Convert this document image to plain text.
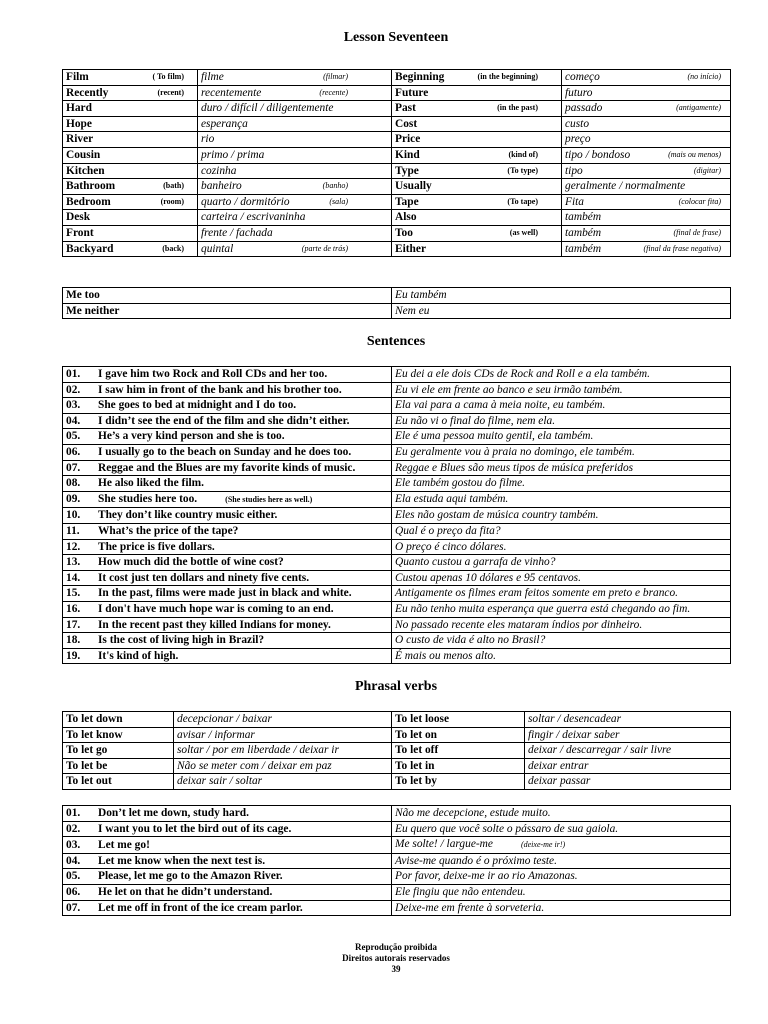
Lesson Seventeen
Film ( To film)	filme (filmar)	Beginning (in the beginning)	começo (no início)

Recently (recent)	recentemente (recente)	Future	futuro

Hard	duro / difícil / diligentemente	Past (in the past)	passado (antigamente)

Hope	esperança	Cost	custo

River	rio	Price	preço

Cousin	primo / prima	Kind (kind of)	tipo / bondoso (mais ou menos)

Kitchen	cozinha	Type (To type)	tipo (digitar)

Bathroom (bath)	banheiro (banho)	Usually	geralmente / normalmente

Bedroom (room)	quarto / dormitório (sala)	Tape (To tape)	Fita (colocar fita)

Desk	carteira / escrivaninha	Also	também

Front	frente / fachada	Too (as well)	também (final de frase)

Backyard (back)	quintal (parte de trás)	Either	também (final da frase negativa)
Me too	Eu também
Me neither	Nem eu
Sentences
01. I gave him two Rock and Roll CDs and her too.	Eu dei a ele dois CDs de Rock and Roll e a ela também.
02. I saw him in front of the bank and his brother too.	Eu vi ele em frente ao banco e seu irmão também.
03. She goes to bed at midnight and I do too.	Ela vai para a cama à meia noite, eu também.
04. I didn’t see the end of the film and she didn’t either.	Eu não vi o final do filme, nem ela.
05. He’s a very kind person and she is too.	Ele é uma pessoa muito gentil, ela também.
06. I usually go to the beach on Sunday and he does too.	Eu geralmente vou à praia no domingo, ele também.
07. Reggae and the Blues are my favorite kinds of music.	Reggae e Blues são meus tipos de música preferidos
08. He also liked the film.	Ele também gostou do filme.
09. She studies here too. (She studies here as well.)	Ela estuda aqui também.
10. They don’t like country music either.	Eles não gostam de música country também.
11. What’s the price of the tape?	Qual é o preço da fita?
12. The price is five dollars.	O preço é cinco dólares.
13. How much did the bottle of wine cost?	Quanto custou a garrafa de vinho?
14. It cost just ten dollars and ninety five cents.	Custou apenas 10 dólares e 95 centavos.
15. In the past, films were made just in black and white.	Antigamente os filmes eram feitos somente em preto e branco.
16. I don't have much hope war is coming to an end.	Eu não tenho muita esperança que guerra está chegando ao fim.
17. In the recent past they killed Indians for money.	No passado recente eles mataram índios por dinheiro.
18. Is the cost of living high in Brazil?	O custo de vida é alto no Brasil?
19. It's kind of high.	É mais ou menos alto.
Phrasal verbs
To let down	decepcionar / baixar	To let loose	soltar / desencadear
To let know	avisar / informar	To let on	fingir / deixar saber
To let go	soltar / por em liberdade / deixar ir	To let off	deixar / descarregar / sair livre
To let be	Não se meter com / deixar em paz	To let in	deixar entrar
To let out	deixar sair / soltar	To let by	deixar passar
01. Don’t let me down, study hard.	Não me decepcione, estude muito.
02. I want you to let the bird out of its cage.	Eu quero que você solte o pássaro de sua gaiola.
03. Let me go!	Me solte! / largue-me (deixe-me ir!)
04. Let me know when the next test is.	Avise-me quando é o próximo teste.
05. Please, let me go to the Amazon River.	Por favor, deixe-me ir ao rio Amazonas.
06. He let on that he didn’t understand.	Ele fingiu que não entendeu.
07. Let me off in front of the ice cream parlor.	Deixe-me em frente à sorveteria.
Reprodução proibida
Direitos autorais reservados
39
